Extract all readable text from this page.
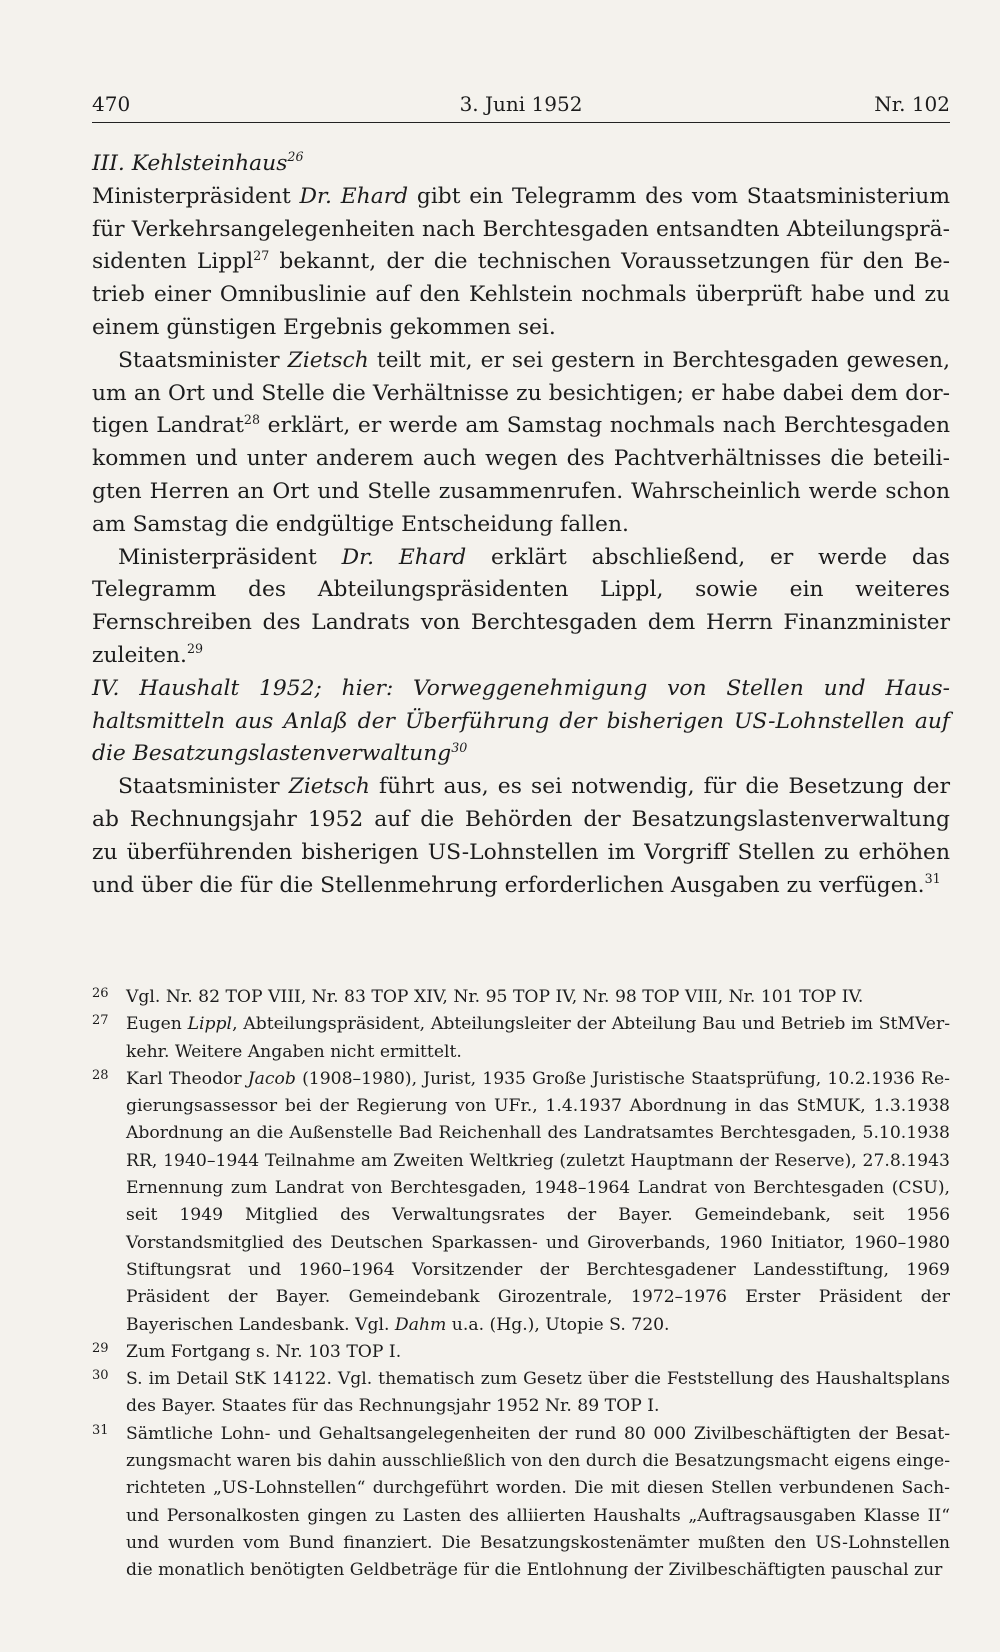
470	3. Juni 1952	Nr. 102

III. Kehlsteinhaus$^{26}$

Ministerpräsident Dr. Ehard gibt ein Telegramm des vom Staatsministerium für Verkehrsangelegenheiten nach Berchtesgaden entsandten Abteilungspräsidenten Lippl$^{27}$ bekannt, der die technischen Voraussetzungen für den Betrieb einer Omnibuslinie auf den Kehlstein nochmals überprüft habe und zu einem günstigen Ergebnis gekommen sei.

Staatsminister Zietsch teilt mit, er sei gestern in Berchtesgaden gewesen, um an Ort und Stelle die Verhältnisse zu besichtigen; er habe dabei dem dortigen Landrat$^{28}$ erklärt, er werde am Samstag nochmals nach Berchtesgaden kommen und unter anderem auch wegen des Pachtverhältnisses die beteiligten Herren an Ort und Stelle zusammenrufen. Wahrscheinlich werde schon am Samstag die endgültige Entscheidung fallen.

Ministerpräsident Dr. Ehard erklärt abschließend, er werde das Telegramm des Abteilungspräsidenten Lippl, sowie ein weiteres Fernschreiben des Landrats von Berchtesgaden dem Herrn Finanzminister zuleiten.$^{29}$

IV. Haushalt 1952; hier: Vorweggenehmigung von Stellen und Haushaltsmitteln aus Anlaß der Überführung der bisherigen US-Lohnstellen auf die Besatzungslastenverwaltung$^{30}$

Staatsminister Zietsch führt aus, es sei notwendig, für die Besetzung der ab Rechnungsjahr 1952 auf die Behörden der Besatzungslastenverwaltung zu überführenden bisherigen US-Lohnstellen im Vorgriff Stellen zu erhöhen und über die für die Stellenmehrung erforderlichen Ausgaben zu verfügen.$^{31}$

26 Vgl. Nr. 82 TOP VIII, Nr. 83 TOP XIV, Nr. 95 TOP IV, Nr. 98 TOP VIII, Nr. 101 TOP IV.

27 Eugen Lippl, Abteilungspräsident, Abteilungsleiter der Abteilung Bau und Betrieb im StMVerkehr. Weitere Angaben nicht ermittelt.

28 Karl Theodor Jacob (1908–1980), Jurist, 1935 Große Juristische Staatsprüfung, 10.2.1936 Regierungsassessor bei der Regierung von UFr., 1.4.1937 Abordnung in das StMUK, 1.3.1938 Abordnung an die Außenstelle Bad Reichenhall des Landratsamtes Berchtesgaden, 5.10.1938 RR, 1940–1944 Teilnahme am Zweiten Weltkrieg (zuletzt Hauptmann der Reserve), 27.8.1943 Ernennung zum Landrat von Berchtesgaden, 1948–1964 Landrat von Berchtesgaden (CSU), seit 1949 Mitglied des Verwaltungsrates der Bayer. Gemeindebank, seit 1956 Vorstandsmitglied des Deutschen Sparkassen- und Giroverbands, 1960 Initiator, 1960–1980 Stiftungsrat und 1960–1964 Vorsitzender der Berchtesgadener Landesstiftung, 1969 Präsident der Bayer. Gemeindebank Girozentrale, 1972–1976 Erster Präsident der Bayerischen Landesbank. Vgl. Dahm u.a. (Hg.), Utopie S. 720.

29 Zum Fortgang s. Nr. 103 TOP I.

30 S. im Detail StK 14122. Vgl. thematisch zum Gesetz über die Feststellung des Haushaltsplans des Bayer. Staates für das Rechnungsjahr 1952 Nr. 89 TOP I.

31 Sämtliche Lohn- und Gehaltsangelegenheiten der rund 80 000 Zivilbeschäftigten der Besatzungsmacht waren bis dahin ausschließlich von den durch die Besatzungsmacht eigens eingerichteten „US-Lohnstellen“ durchgeführt worden. Die mit diesen Stellen verbundenen Sach- und Personalkosten gingen zu Lasten des alliierten Haushalts „Auftragsausgaben Klasse II“ und wurden vom Bund finanziert. Die Besatzungskostenämter mußten den US-Lohnstellen die monatlich benötigten Geldbeträge für die Entlohnung der Zivilbeschäftigten pauschal zur
